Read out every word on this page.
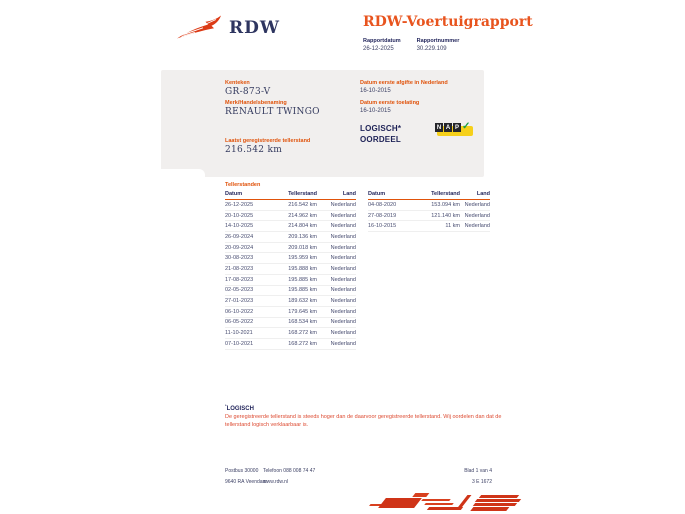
RDW	RDW-Voertuigrapport
Rapportdatum
26-12-2025
Rapportnummer
30.229.109
Kenteken
GR-873-V
Merk/Handelsbenaming
RENAULT TWINGO
Laatst geregistreerde tellerstand
216.542 km
Datum eerste afgifte in Nederland
16-10-2015
Datum eerste toelating
16-10-2015
LOGISCH*
OORDEEL
N A P ✓
Tellerstanden
Datum	Tellerstand	Land
26-12-2025	216.542 km	Nederland
20-10-2025	214.962 km	Nederland
14-10-2025	214.804 km	Nederland
26-09-2024	209.136 km	Nederland
20-09-2024	209.018 km	Nederland
30-08-2023	195.959 km	Nederland
21-08-2023	195.888 km	Nederland
17-08-2023	195.885 km	Nederland
02-05-2023	195.885 km	Nederland
27-01-2023	189.632 km	Nederland
06-10-2022	179.645 km	Nederland
06-05-2022	168.534 km	Nederland
11-10-2021	168.272 km	Nederland
07-10-2021	168.272 km	Nederland
Datum	Tellerstand	Land
04-08-2020	153.094 km Nederland
27-08-2019	121.140 km Nederland
16-10-2015	11 km Nederland
*LOGISCH
De geregistreerde tellerstand is steeds hoger dan de daarvoor geregistreerde tellerstand. Wij oordelen dan dat de tellerstand logisch verklaarbaar is.
Postbus 30000
9640 RA Veendam
Telefoon 088 008 74 47
www.rdw.nl
Blad 1 van 4
3 E 1672
